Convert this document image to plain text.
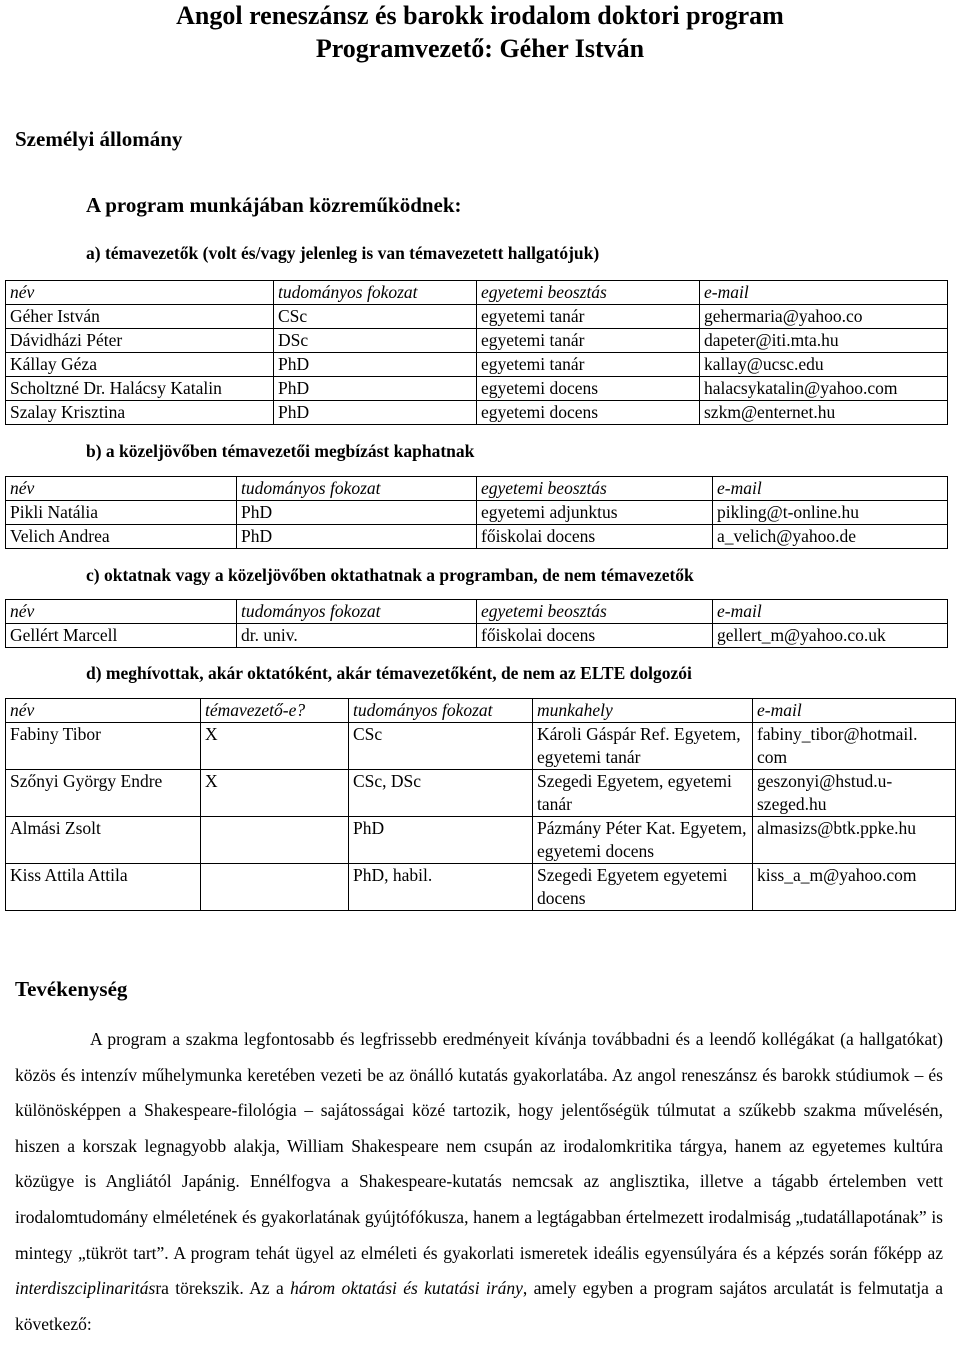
Angol reneszánsz és barokk irodalom doktori program
Programvezető: Géher István
Személyi állomány
A program munkájában közreműködnek:
a) témavezetők (volt és/vagy jelenleg is van témavezetett hallgatójuk)
név	tudományos fokozat	egyetemi beosztás	e-mail
Géher István	CSc	egyetemi tanár	gehermaria@yahoo.co
Dávidházi Péter	DSc	egyetemi tanár	dapeter@iti.mta.hu
Kállay Géza	PhD	egyetemi tanár	kallay@ucsc.edu
Scholtzné Dr. Halácsy Katalin	PhD	egyetemi docens	halacsykatalin@yahoo.com
Szalay Krisztina	PhD	egyetemi docens	szkm@enternet.hu
b) a közeljövőben témavezetői megbízást kaphatnak
név	tudományos fokozat	egyetemi beosztás	e-mail
Pikli Natália	PhD	egyetemi adjunktus	pikling@t-online.hu
Velich Andrea	PhD	főiskolai docens	a_velich@yahoo.de
c) oktatnak vagy a közeljövőben oktathatnak a programban, de nem témavezetők
név	tudományos fokozat	egyetemi beosztás	e-mail
Gellért Marcell	dr. univ.	főiskolai docens	gellert_m@yahoo.co.uk
d) meghívottak, akár oktatóként, akár témavezetőként, de nem az ELTE dolgozói
név	témavezető-e?	tudományos fokozat	munkahely	e-mail
Fabiny Tibor	X	CSc	Károli Gáspár Ref. Egyetem, egyetemi tanár	fabiny_tibor@hotmail. com
Szőnyi György Endre	X	CSc, DSc	Szegedi Egyetem, egyetemi tanár	geszonyi@hstud.u-szeged.hu
Almási Zsolt		PhD	Pázmány Péter Kat. Egyetem, egyetemi docens	almasizs@btk.ppke.hu
Kiss Attila Attila		PhD, habil.	Szegedi Egyetem egyetemi docens	kiss_a_m@yahoo.com
Tevékenység

A program a szakma legfontosabb és legfrissebb eredményeit kívánja továbbadni és a leendő kollégákat (a hallgatókat) közös és intenzív műhelymunka keretében vezeti be az önálló kutatás gyakorlatába. Az angol reneszánsz és barokk stúdiumok – és különösképpen a Shakespeare-filológia – sajátosságai közé tartozik, hogy jelentőségük túlmutat a szűkebb szakma művelésén, hiszen a korszak legnagyobb alakja, William Shakespeare nem csupán az irodalomkritika tárgya, hanem az egyetemes kultúra közügye is Angliától Japánig. Ennélfogva a Shakespeare-kutatás nemcsak az anglisztika, illetve a tágabb értelemben vett irodalomtudomány elméletének és gyakorlatának gyújtófókusza, hanem a legtágabban értelmezett irodalmiság „tudatállapotának” is mintegy „tükröt tart”. A program tehát ügyel az elméleti és gyakorlati ismeretek ideális egyensúlyára és a képzés során főképp az interdiszciplinaritásra törekszik. Az a három oktatási és kutatási irány, amely egyben a program sajátos arculatát is felmutatja a következő:
